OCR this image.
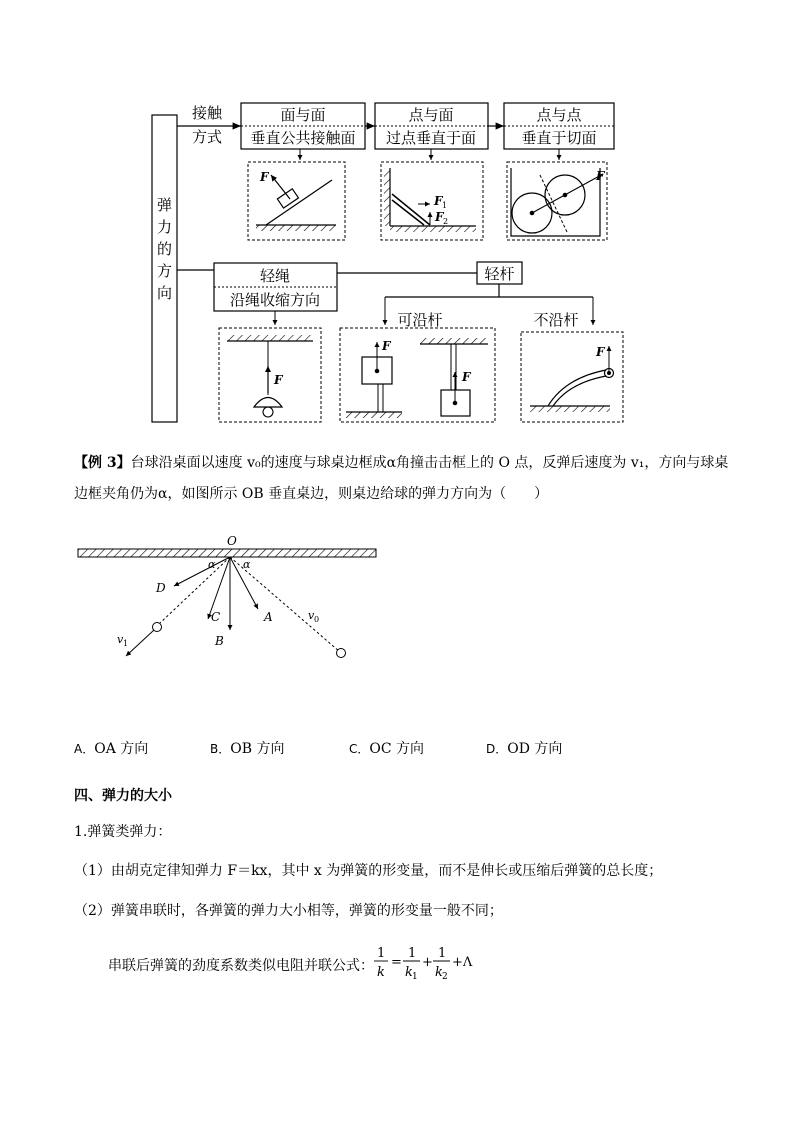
弹力的方向
接触
方式
面与面
垂直公共接触面
点与面
过点垂直于面
点与点
垂直于切面
F
F 1
F 2
F
轻绳
沿绳收缩方向
轻杆
可沿杆	不沿杆
F
F
F
F
O
α	α
D
C
B
A	v 0
v 1
1
k
=
1
k 1
+
1
k 2
+Λ
【例 3】台球沿桌面以速度 v₀的速度与球桌边框成α角撞击击框上的 O 点，反弹后速度为 v₁，方向与球桌
边框夹角仍为α，如图所示 OB 垂直桌边，则桌边给球的弹力方向为（　　）
A．OA 方向	B．OB 方向	C．OC 方向	D．OD 方向
四、弹力的大小
1.弹簧类弹力：
（1）由胡克定律知弹力 F＝kx，其中 x 为弹簧的形变量，而不是伸长或压缩后弹簧的总长度；
（2）弹簧串联时，各弹簧的弹力大小相等，弹簧的形变量一般不同；
串联后弹簧的劲度系数类似电阻并联公式：
